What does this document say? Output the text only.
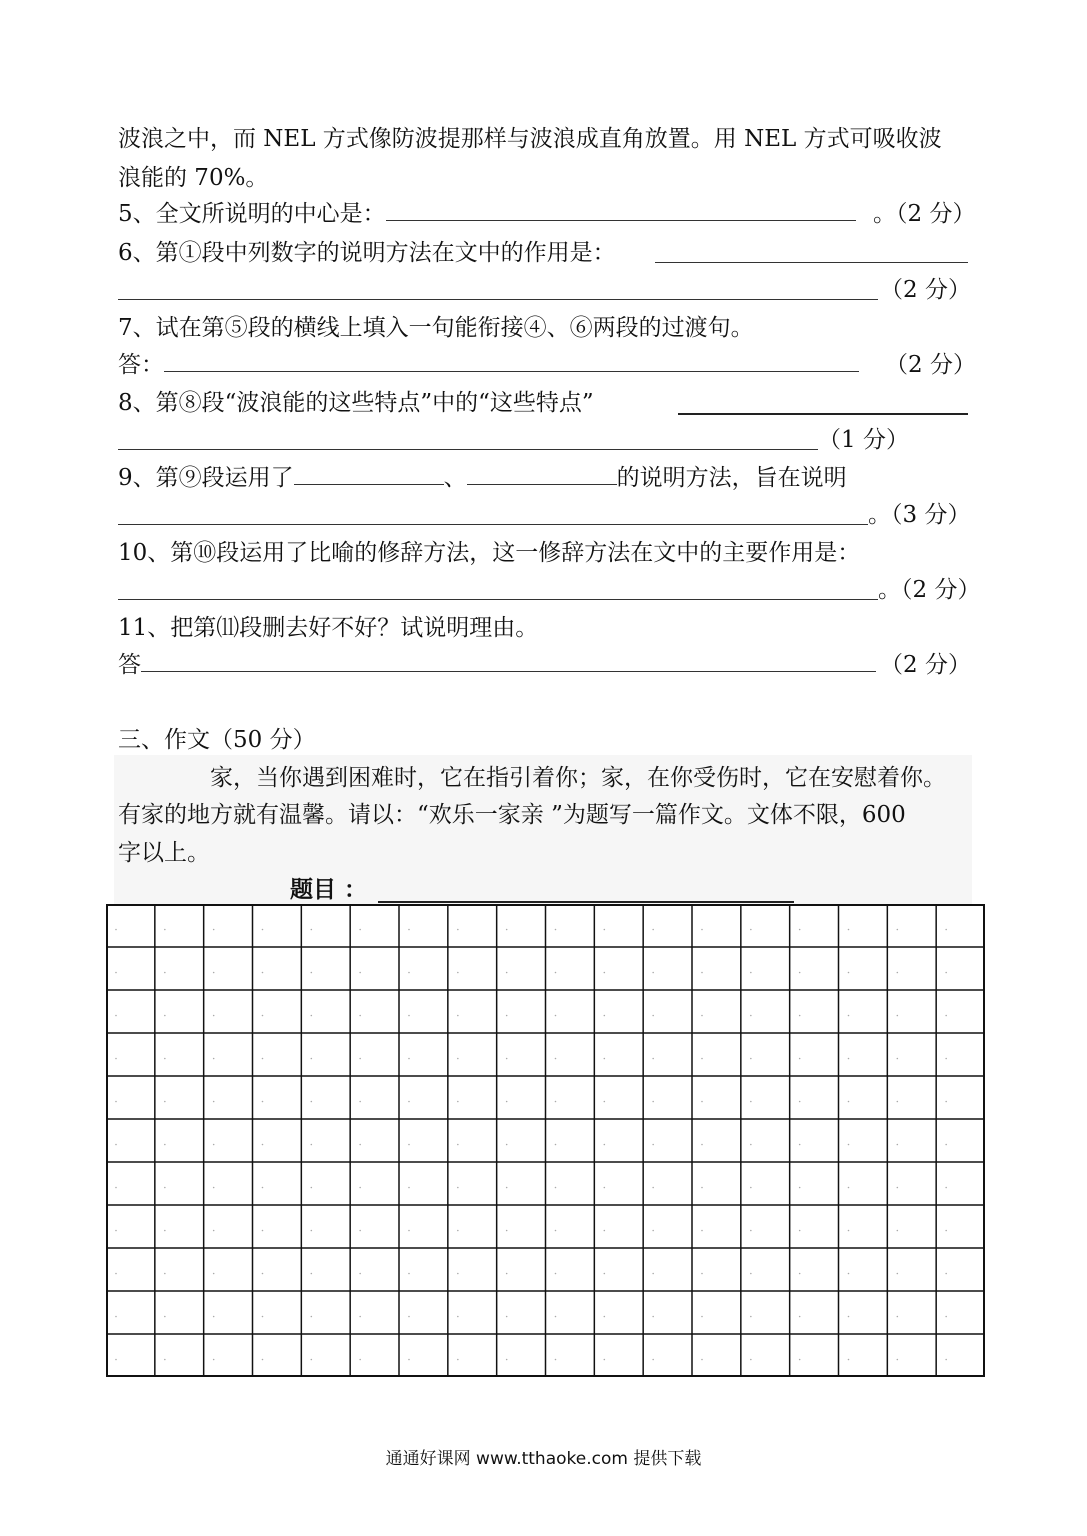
波浪之中，而 NEL 方式像防波提那样与波浪成直角放置。用 NEL 方式可吸收波
浪能的 70%。
5、全文所说明的中心是：	。（2 分）
6、第①段中列数字的说明方法在文中的作用是：
（2 分）
7、试在第⑤段的横线上填入一句能衔接④、⑥两段的过渡句。
答：	（2 分）
8、第⑧段“波浪能的这些特点”中的“这些特点”
（1 分）
9、第⑨段运用了	、	的说明方法，旨在说明
。（3 分）
10、第⑩段运用了比喻的修辞方法，这一修辞方法在文中的主要作用是：
。（2 分）
11、把第⑾段删去好不好？试说明理由。
答	（2 分）
三、作文（50 分）
家，当你遇到困难时，它在指引着你；家，在你受伤时，它在安慰着你。
有家的地方就有温馨。请以：“欢乐一家亲 ”为题写一篇作文。文体不限，600
字以上。
题目 ：
通通好课网 www.tthaoke.com 提供下载
